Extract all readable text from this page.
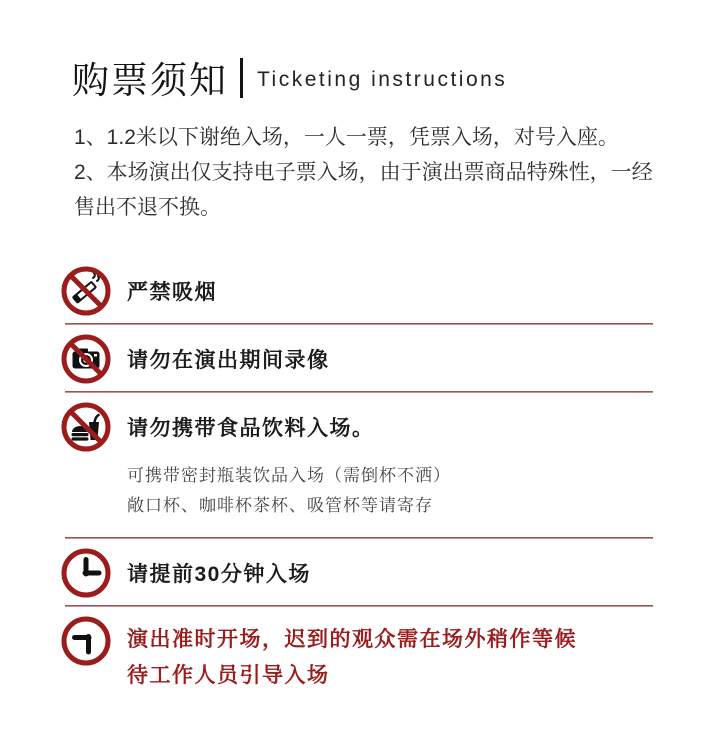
购票须知 Ticketing instructions

1、1.2米以下谢绝入场，一人一票，凭票入场，对号入座。

2、本场演出仅支持电子票入场，由于演出票商品特殊性，一经售出不退不换。

严禁吸烟
请勿在演出期间录像
请勿携带食品饮料入场。

可携带密封瓶装饮品入场（需倒杯不洒）

敞口杯、咖啡杯茶杯、吸管杯等请寄存

请提前30分钟入场
演出准时开场，迟到的观众需在场外稍作等候
待工作人员引导入场
